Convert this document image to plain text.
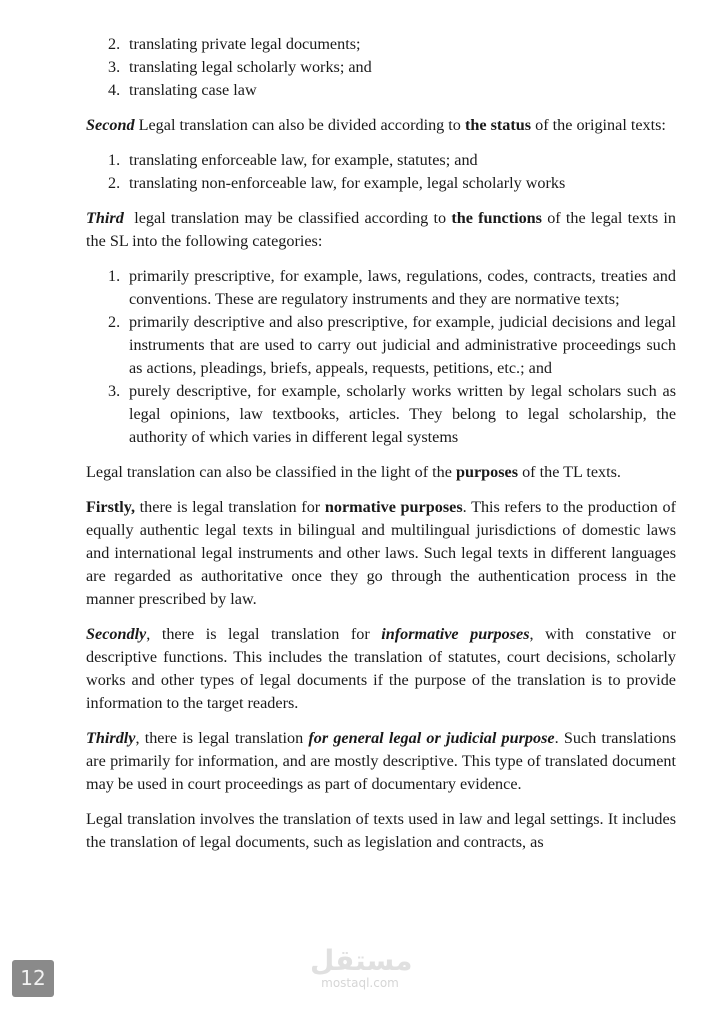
2. translating private legal documents;
3. translating legal scholarly works; and
4. translating case law

Second Legal translation can also be divided according to the status of the original texts:

1. translating enforceable law, for example, statutes; and
2. translating non-enforceable law, for example, legal scholarly works

Third  legal translation may be classified according to the functions of the legal texts in the SL into the following categories:

1. primarily prescriptive, for example, laws, regulations, codes, contracts, treaties and conventions. These are regulatory instruments and they are normative texts;
2. primarily descriptive and also prescriptive, for example, judicial decisions and legal instruments that are used to carry out judicial and administrative proceedings such as actions, pleadings, briefs, appeals, requests, petitions, etc.; and
3. purely descriptive, for example, scholarly works written by legal scholars such as legal opinions, law textbooks, articles. They belong to legal scholarship, the authority of which varies in different legal systems

Legal translation can also be classified in the light of the purposes of the TL texts.

Firstly, there is legal translation for normative purposes. This refers to the production of equally authentic legal texts in bilingual and multilingual jurisdictions of domestic laws and international legal instruments and other laws. Such legal texts in different languages are regarded as authoritative once they go through the authentication process in the manner prescribed by law.

Secondly, there is legal translation for informative purposes, with constative or descriptive functions. This includes the translation of statutes, court decisions, scholarly works and other types of legal documents if the purpose of the translation is to provide information to the target readers.

Thirdly, there is legal translation for general legal or judicial purpose. Such translations are primarily for information, and are mostly descriptive. This type of translated document may be used in court proceedings as part of documentary evidence.

Legal translation involves the translation of texts used in law and legal settings. It includes the translation of legal documents, such as legislation and contracts, as

مستقل
mostaql.com
12
